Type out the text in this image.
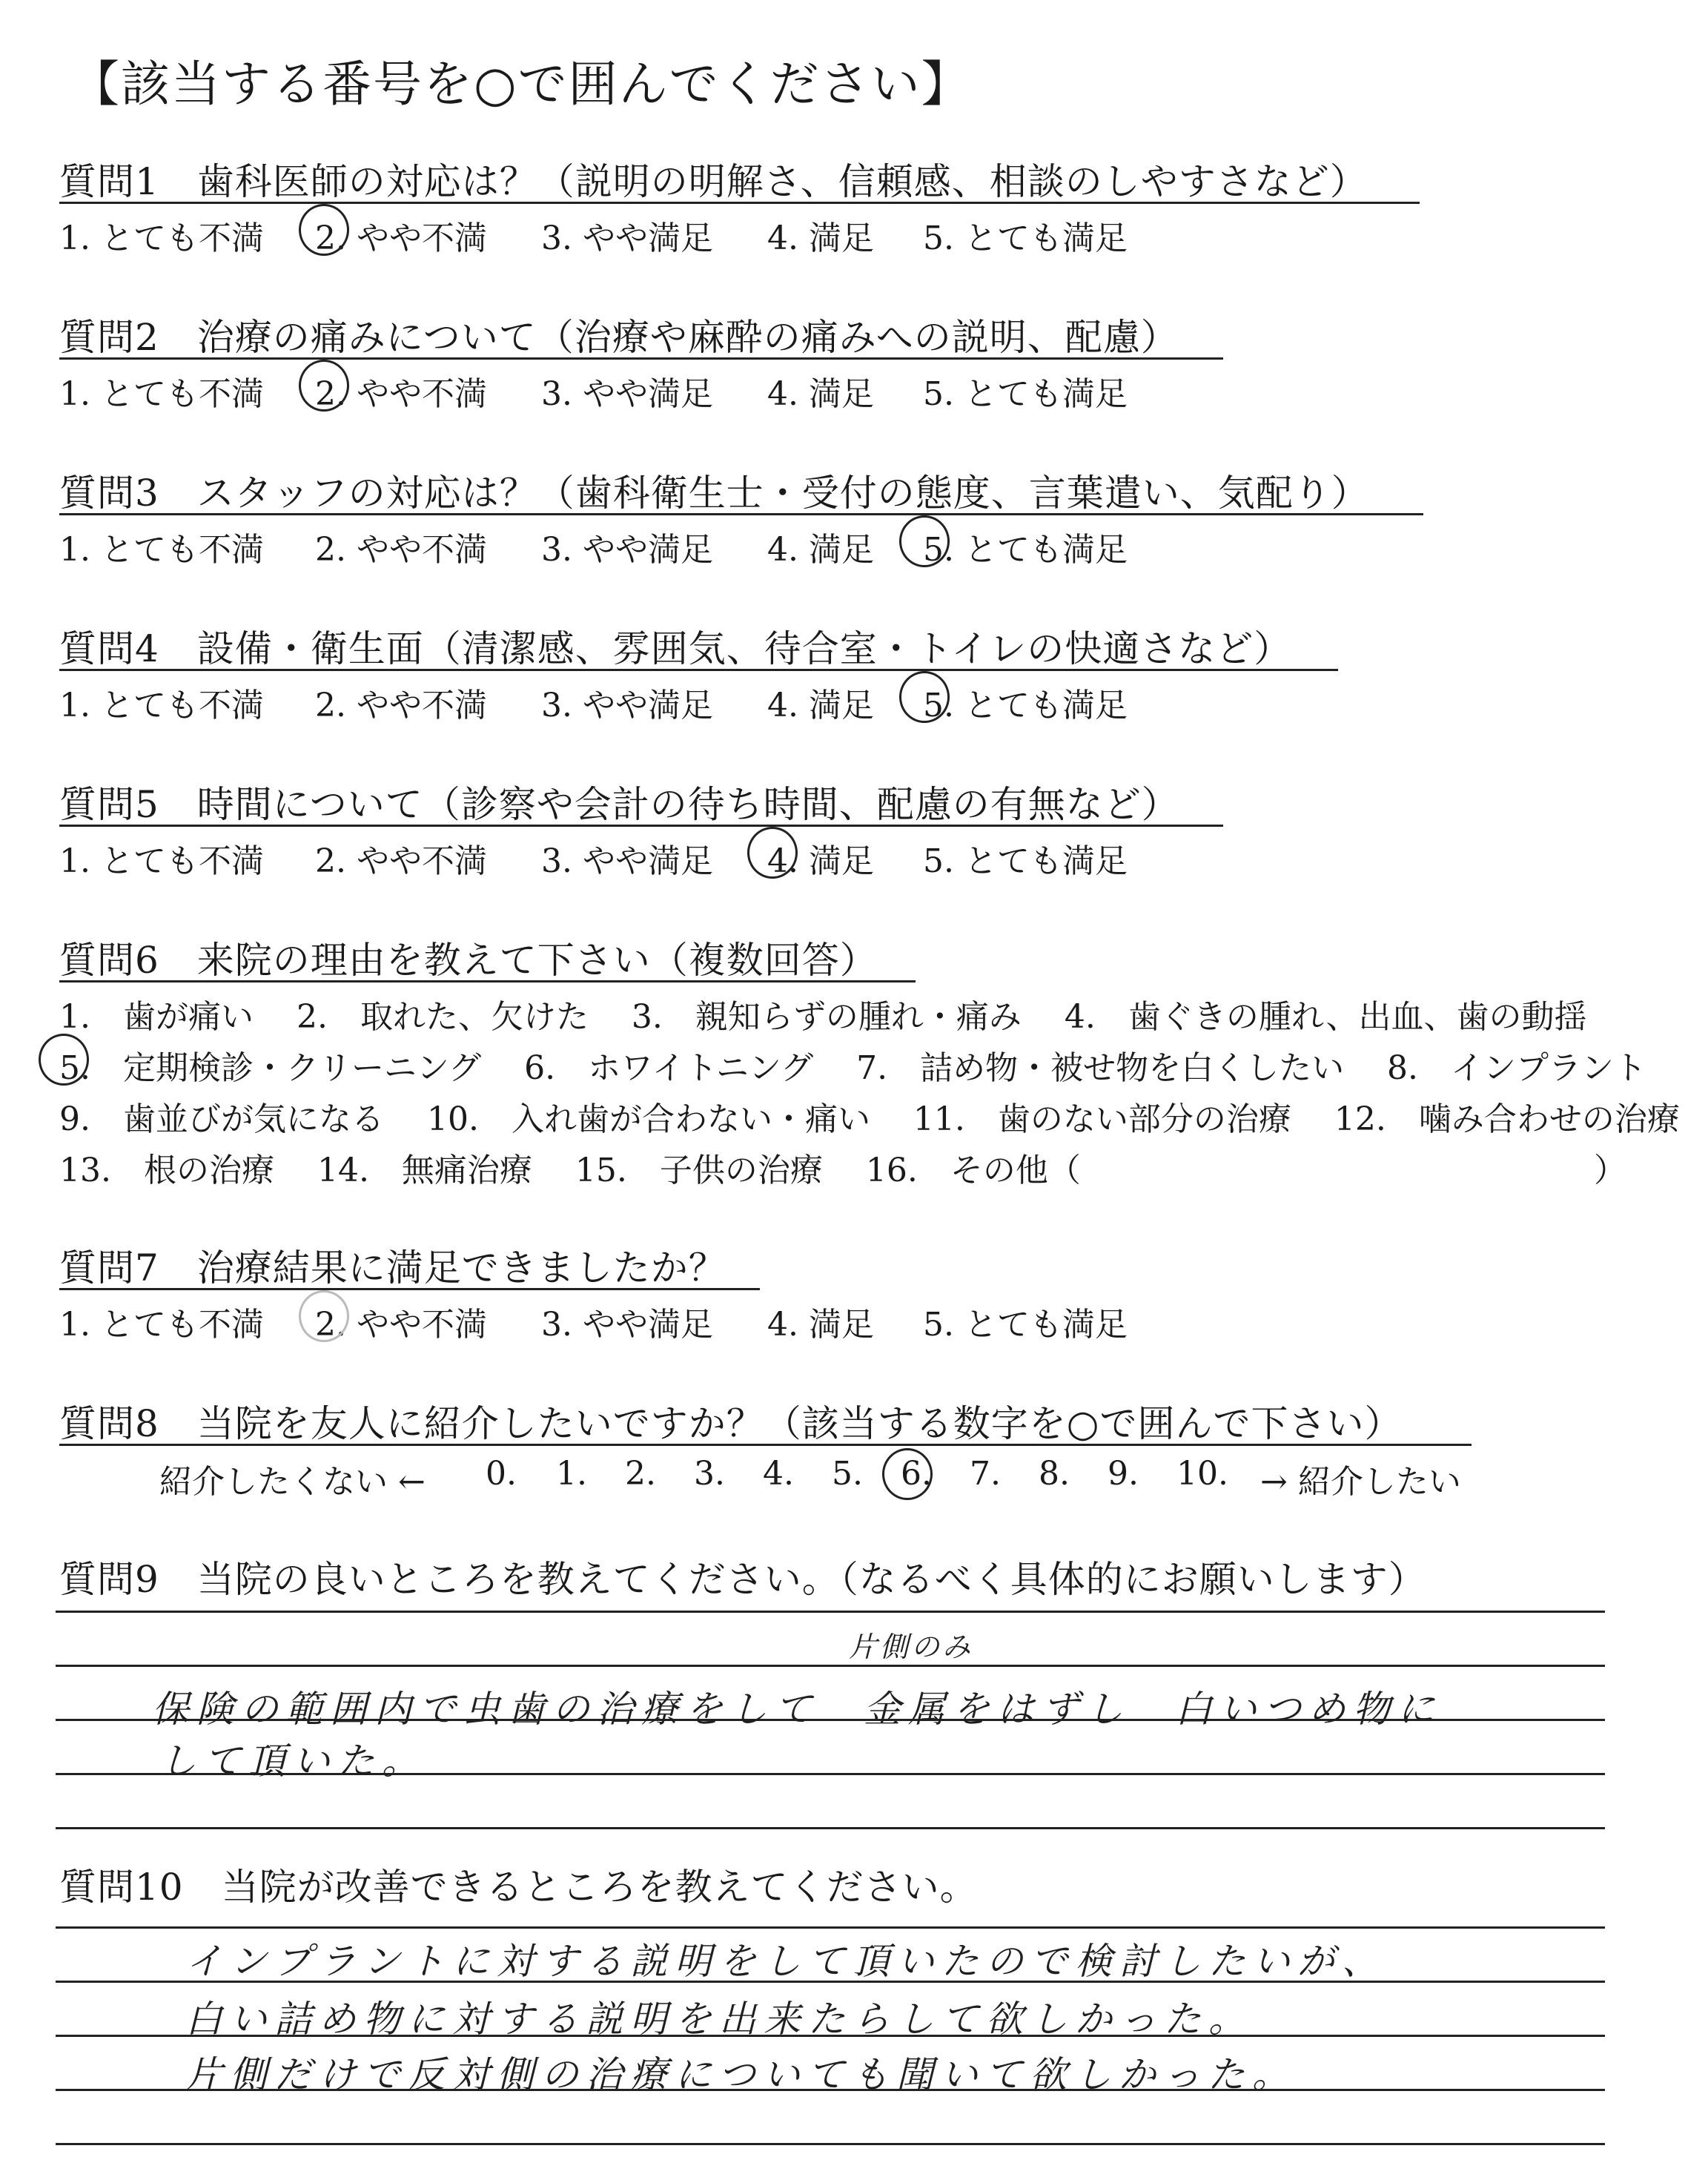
【該当する番号を○で囲んでください】
質問1　歯科医師の対応は？（説明の明解さ、信頼感、相談のしやすさなど）
1. とても不満 2. やや不満 3. やや満足 4. 満足 5. とても満足
質問2　治療の痛みについて（治療や麻酔の痛みへの説明、配慮）
1. とても不満 2. やや不満 3. やや満足 4. 満足 5. とても満足
質問3　スタッフの対応は？（歯科衛生士・受付の態度、言葉遣い、気配り）
1. とても不満 2. やや不満 3. やや満足 4. 満足 5. とても満足
質問4　設備・衛生面（清潔感、雰囲気、待合室・トイレの快適さなど）
1. とても不満 2. やや不満 3. やや満足 4. 満足 5. とても満足
質問5　時間について（診察や会計の待ち時間、配慮の有無など）
1. とても不満 2. やや不満 3. やや満足 4. 満足 5. とても満足
質問6　来院の理由を教えて下さい（複数回答）
1.　歯が痛い　 2.　取れた、欠けた　 3.　親知らずの腫れ・痛み　 4.　歯ぐきの腫れ、出血、歯の動揺
5.　定期検診・クリーニング　 6.　ホワイトニング　 7.　詰め物・被せ物を白くしたい　 8.　インプラント
9.　歯並びが気になる　 10.　入れ歯が合わない・痛い　 11.　歯のない部分の治療　 12.　噛み合わせの治療
13.　根の治療　 14.　無痛治療　 15.　子供の治療　 16.　その他（	）
質問7　治療結果に満足できましたか？
1. とても不満 2. やや不満 3. やや満足 4. 満足 5. とても満足
質問8　当院を友人に紹介したいですか？（該当する数字を○で囲んで下さい）
紹介したくない ← 0. 1. 2. 3. 4. 5. 6. 7. 8. 9. 10. → 紹介したい
質問9　当院の良いところを教えてください。（なるべく具体的にお願いします）
片側のみ
保険の範囲内で虫歯の治療をして　金属をはずし　白いつめ物に
して頂いた。
質問10　当院が改善できるところを教えてください。
インプラントに対する説明をして頂いたので検討したいが、
白い詰め物に対する説明を出来たらして欲しかった。
片側だけで反対側の治療についても聞いて欲しかった。
